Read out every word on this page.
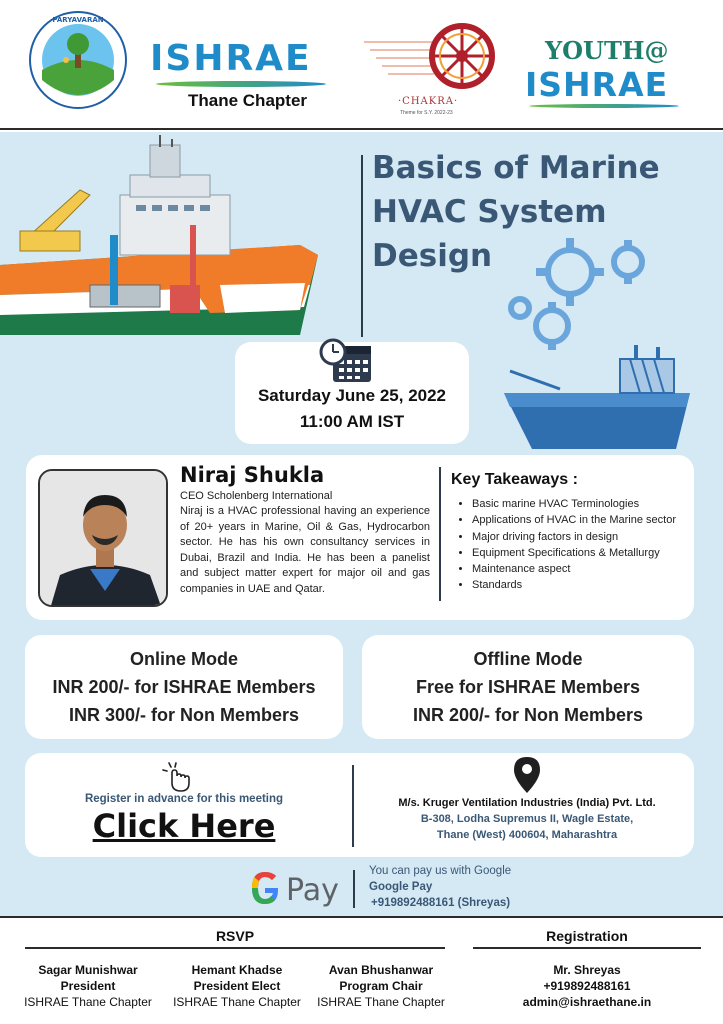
PARYAVARAN
ISHRAE
Thane Chapter	·CHAKRA·
Theme for S.Y. 2022-23
YOUTH@
ISHRAE
Basics of Marine
HVAC System
Design
Saturday June 25, 2022
11:00 AM IST
Niraj Shukla
CEO Scholenberg International
Niraj is a HVAC professional having an experience of 20+ years in Marine, Oil & Gas, Hydrocarbon sector. He has his own consultancy services in Dubai, Brazil and India. He has been a panelist and subject matter expert for major oil and gas companies in UAE and Qatar.
Key Takeaways :
• Basic marine HVAC Terminologies
• Applications of HVAC in the Marine sector
• Major driving factors in design
• Equipment Specifications & Metallurgy
• Maintenance aspect
• Standards
Online Mode
INR 200/- for ISHRAE Members
INR 300/- for Non Members
Offline Mode
Free for ISHRAE Members
INR 200/- for Non Members
Register in advance for this meeting
Click Here
M/s. Kruger Ventilation Industries (India) Pvt. Ltd.
B-308, Lodha Supremus II, Wagle Estate,
Thane (West) 400604, Maharashtra
Pay
You can pay us with Google
Google Pay
+919892488161 (Shreyas)
RSVP	Registration
Sagar Munishwar
President
ISHRAE Thane Chapter
Hemant Khadse
President Elect
ISHRAE Thane Chapter
Avan Bhushanwar
Program Chair
ISHRAE Thane Chapter
Mr. Shreyas
+919892488161
admin@ishraethane.in
